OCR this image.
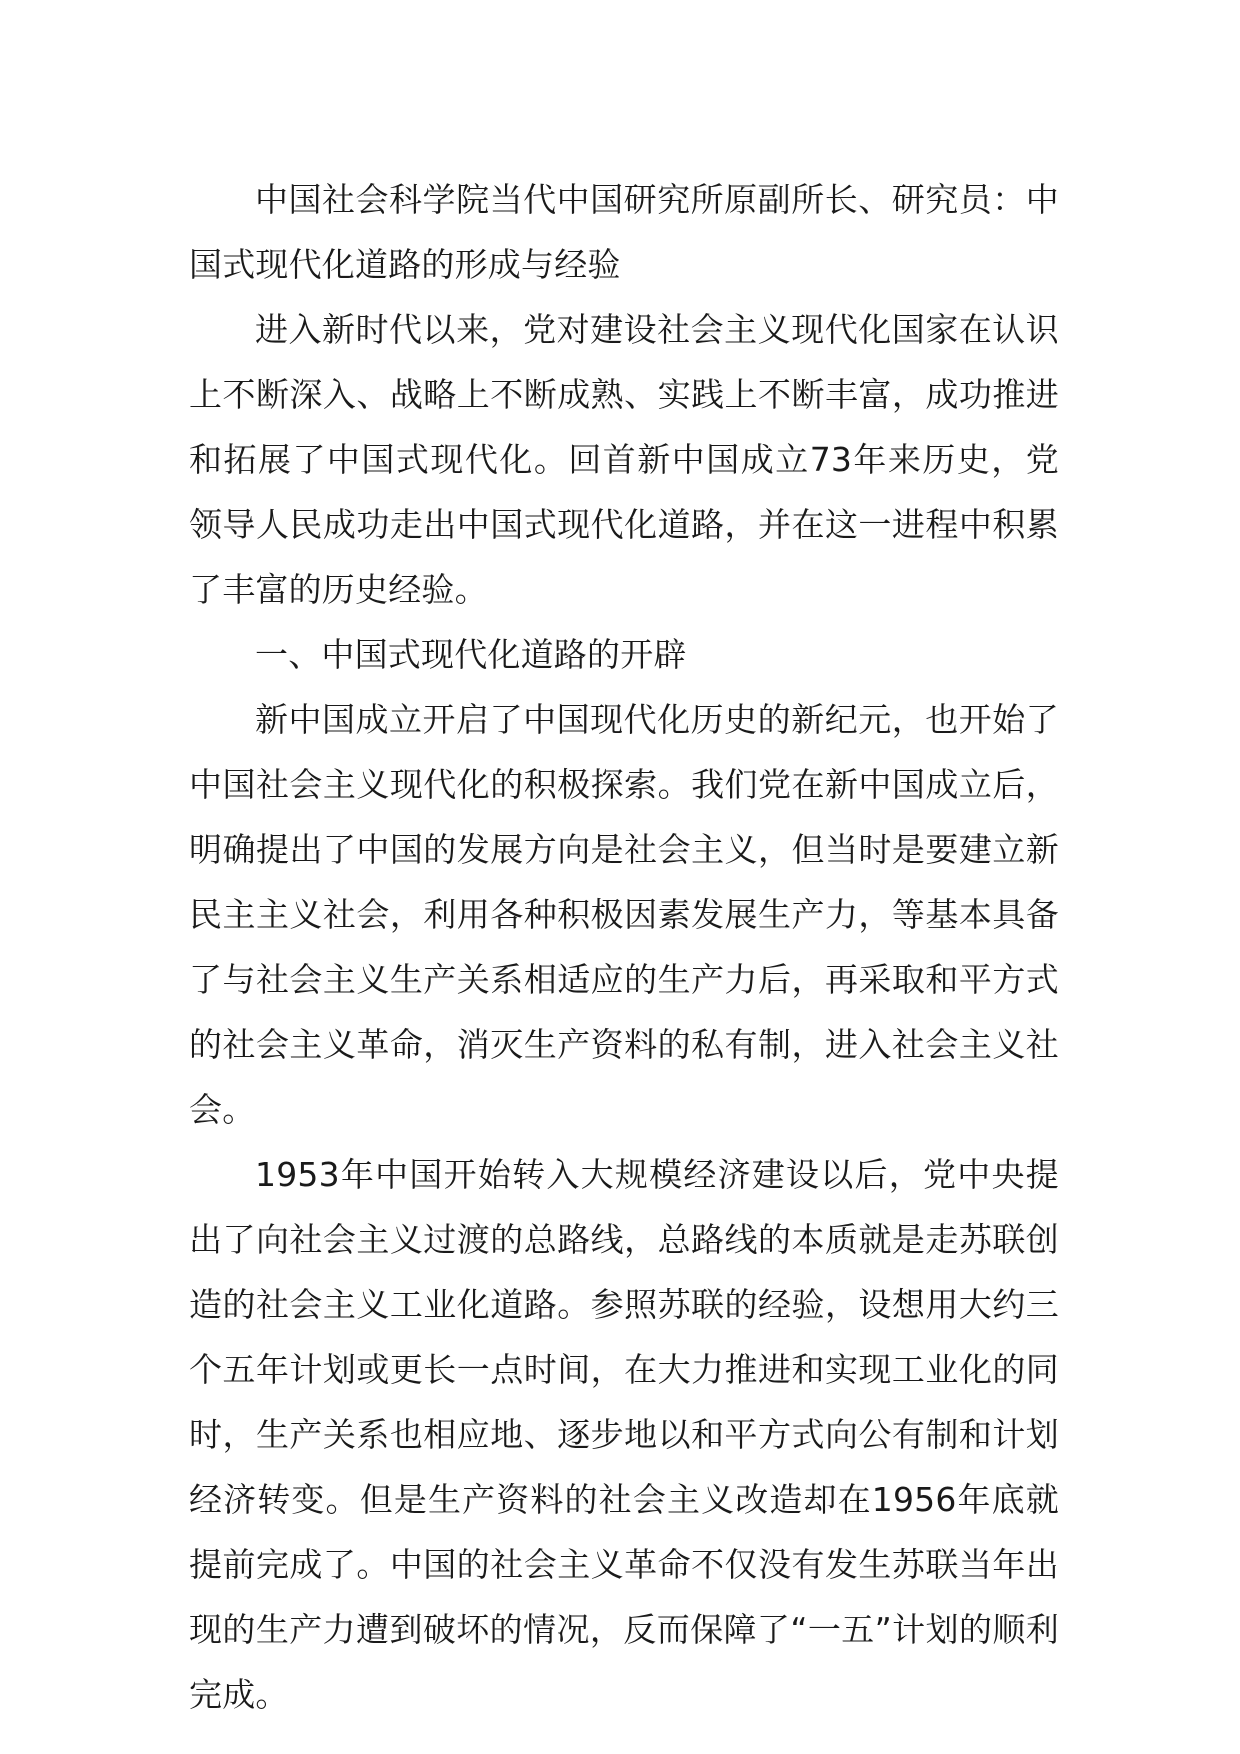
中国社会科学院当代中国研究所原副所长、研究员：中国式现代化道路的形成与经验

进入新时代以来，党对建设社会主义现代化国家在认识上不断深入、战略上不断成熟、实践上不断丰富，成功推进和拓展了中国式现代化。回首新中国成立73年来历史，党领导人民成功走出中国式现代化道路，并在这一进程中积累了丰富的历史经验。

一、中国式现代化道路的开辟

新中国成立开启了中国现代化历史的新纪元，也开始了中国社会主义现代化的积极探索。我们党在新中国成立后，明确提出了中国的发展方向是社会主义，但当时是要建立新民主主义社会，利用各种积极因素发展生产力，等基本具备了与社会主义生产关系相适应的生产力后，再采取和平方式的社会主义革命，消灭生产资料的私有制，进入社会主义社会。

1953年中国开始转入大规模经济建设以后，党中央提出了向社会主义过渡的总路线，总路线的本质就是走苏联创造的社会主义工业化道路。参照苏联的经验，设想用大约三个五年计划或更长一点时间，在大力推进和实现工业化的同时，生产关系也相应地、逐步地以和平方式向公有制和计划经济转变。但是生产资料的社会主义改造却在1956年底就提前完成了。中国的社会主义革命不仅没有发生苏联当年出现的生产力遭到破坏的情况，反而保障了“一五”计划的顺利完成。
